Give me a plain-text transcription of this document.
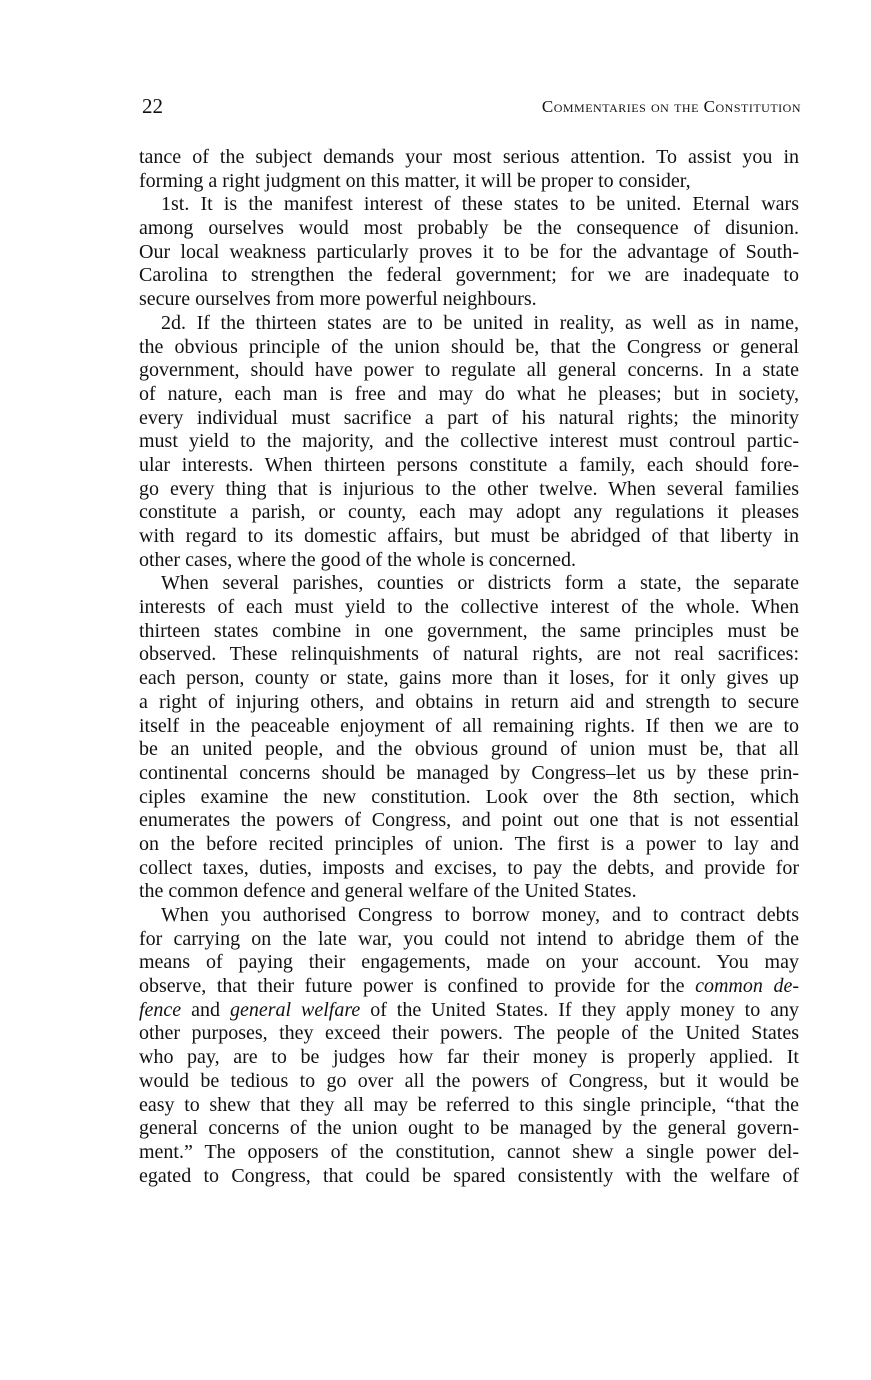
22	Commentaries on the Constitution
tance of the subject demands your most serious attention. To assist you in
forming a right judgment on this matter, it will be proper to consider,
1st. It is the manifest interest of these states to be united. Eternal wars
among ourselves would most probably be the consequence of disunion.
Our local weakness particularly proves it to be for the advantage of South-
Carolina to strengthen the federal government; for we are inadequate to
secure ourselves from more powerful neighbours.
2d. If the thirteen states are to be united in reality, as well as in name,
the obvious principle of the union should be, that the Congress or general
government, should have power to regulate all general concerns. In a state
of nature, each man is free and may do what he pleases; but in society,
every individual must sacrifice a part of his natural rights; the minority
must yield to the majority, and the collective interest must controul partic-
ular interests. When thirteen persons constitute a family, each should fore-
go every thing that is injurious to the other twelve. When several families
constitute a parish, or county, each may adopt any regulations it pleases
with regard to its domestic affairs, but must be abridged of that liberty in
other cases, where the good of the whole is concerned.
When several parishes, counties or districts form a state, the separate
interests of each must yield to the collective interest of the whole. When
thirteen states combine in one government, the same principles must be
observed. These relinquishments of natural rights, are not real sacrifices:
each person, county or state, gains more than it loses, for it only gives up
a right of injuring others, and obtains in return aid and strength to secure
itself in the peaceable enjoyment of all remaining rights. If then we are to
be an united people, and the obvious ground of union must be, that all
continental concerns should be managed by Congress–let us by these prin-
ciples examine the new constitution. Look over the 8th section, which
enumerates the powers of Congress, and point out one that is not essential
on the before recited principles of union. The first is a power to lay and
collect taxes, duties, imposts and excises, to pay the debts, and provide for
the common defence and general welfare of the United States.
When you authorised Congress to borrow money, and to contract debts
for carrying on the late war, you could not intend to abridge them of the
means of paying their engagements, made on your account. You may
observe, that their future power is confined to provide for the common de-
fence and general welfare of the United States. If they apply money to any
other purposes, they exceed their powers. The people of the United States
who pay, are to be judges how far their money is properly applied. It
would be tedious to go over all the powers of Congress, but it would be
easy to shew that they all may be referred to this single principle, “that the
general concerns of the union ought to be managed by the general govern-
ment.” The opposers of the constitution, cannot shew a single power del-
egated to Congress, that could be spared consistently with the welfare of
